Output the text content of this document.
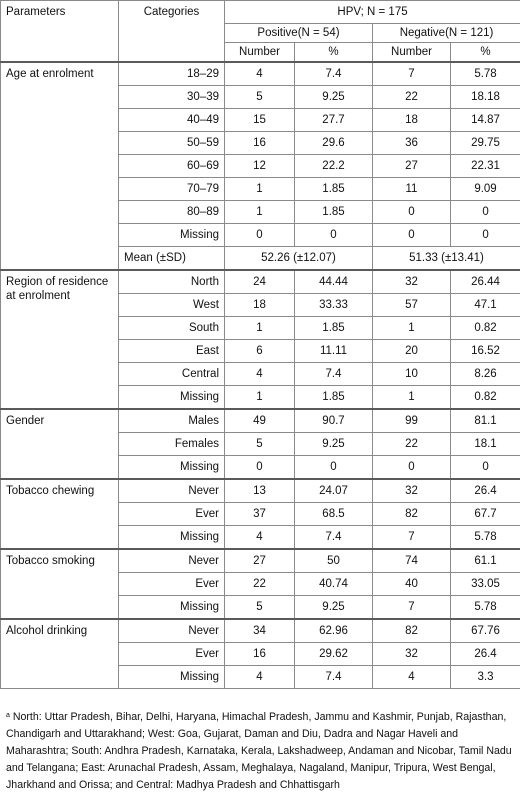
Parameters	Categories	HPV; N = 175			
		Positive(N = 54)		Negative(N = 121)	
		Number	%	Number	%
Age at enrolment	18–29	4	7.4	7	5.78
	30–39	5	9.25	22	18.18
	40–49	15	27.7	18	14.87
	50–59	16	29.6	36	29.75
	60–69	12	22.2	27	22.31
	70–79	1	1.85	11	9.09
	80–89	1	1.85	0	0
	Missing	0	0	0	0
	Mean (±SD)	52.26 (±12.07)		51.33 (±13.41)	
Region of residence at enrolment	North	24	44.44	32	26.44
	West	18	33.33	57	47.1
	South	1	1.85	1	0.82
	East	6	11.11	20	16.52
	Central	4	7.4	10	8.26
	Missing	1	1.85	1	0.82
Gender	Males	49	90.7	99	81.1
	Females	5	9.25	22	18.1
	Missing	0	0	0	0
Tobacco chewing	Never	13	24.07	32	26.4
	Ever	37	68.5	82	67.7
	Missing	4	7.4	7	5.78
Tobacco smoking	Never	27	50	74	61.1
	Ever	22	40.74	40	33.05
	Missing	5	9.25	7	5.78
Alcohol drinking	Never	34	62.96	82	67.76
	Ever	16	29.62	32	26.4
	Missing	4	7.4	4	3.3
$^a$ North: Uttar Pradesh, Bihar, Delhi, Haryana, Himachal Pradesh, Jammu and Kashmir, Punjab, Rajasthan, Chandigarh and Uttarakhand; West: Goa, Gujarat, Daman and Diu, Dadra and Nagar Haveli and Maharashtra; South: Andhra Pradesh, Karnataka, Kerala, Lakshadweep, Andaman and Nicobar, Tamil Nadu and Telangana; East: Arunachal Pradesh, Assam, Meghalaya, Nagaland, Manipur, Tripura, West Bengal, Jharkhand and Orissa; and Central: Madhya Pradesh and Chhattisgarh
